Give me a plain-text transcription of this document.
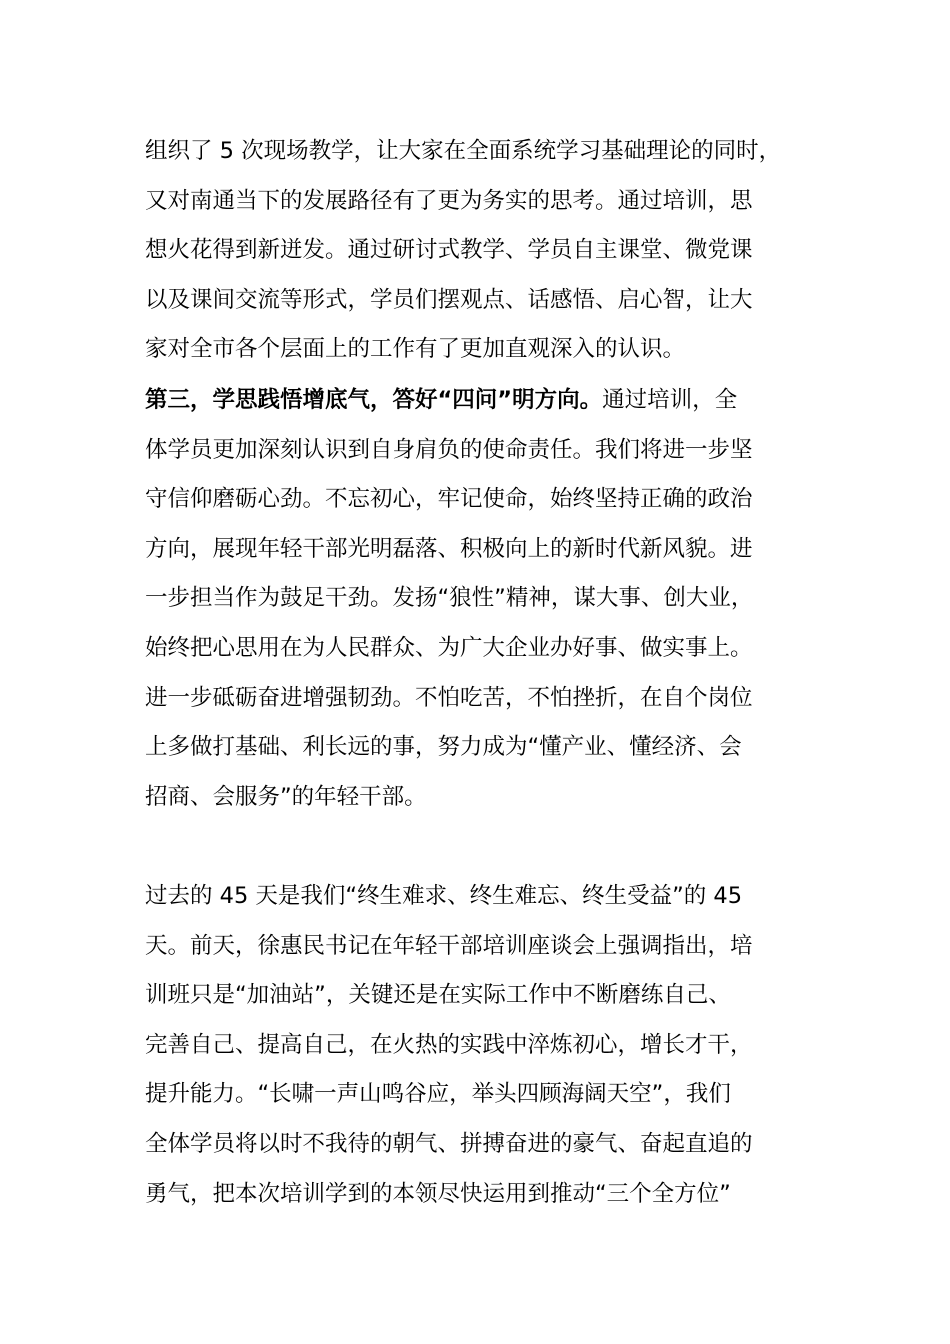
组织了 5 次现场教学，让大家在全面系统学习基础理论的同时，
又对南通当下的发展路径有了更为务实的思考。通过培训，思
想火花得到新迸发。通过研讨式教学、学员自主课堂、微党课
以及课间交流等形式，学员们摆观点、话感悟、启心智，让大
家对全市各个层面上的工作有了更加直观深入的认识。

第三，学思践悟增底气，答好“四问”明方向。通过培训，全
体学员更加深刻认识到自身肩负的使命责任。我们将进一步坚
守信仰磨砺心劲。不忘初心，牢记使命，始终坚持正确的政治
方向，展现年轻干部光明磊落、积极向上的新时代新风貌。进
一步担当作为鼓足干劲。发扬“狼性”精神，谋大事、创大业，
始终把心思用在为人民群众、为广大企业办好事、做实事上。
进一步砥砺奋进增强韧劲。不怕吃苦，不怕挫折，在自个岗位
上多做打基础、利长远的事，努力成为“懂产业、懂经济、会
招商、会服务”的年轻干部。

过去的 45 天是我们“终生难求、终生难忘、终生受益”的 45
天。前天，徐惠民书记在年轻干部培训座谈会上强调指出，培
训班只是“加油站”，关键还是在实际工作中不断磨练自己、
完善自己、提高自己，在火热的实践中淬炼初心，增长才干，
提升能力。“长啸一声山鸣谷应，举头四顾海阔天空”，我们
全体学员将以时不我待的朝气、拼搏奋进的豪气、奋起直追的
勇气，把本次培训学到的本领尽快运用到推动“三个全方位”
